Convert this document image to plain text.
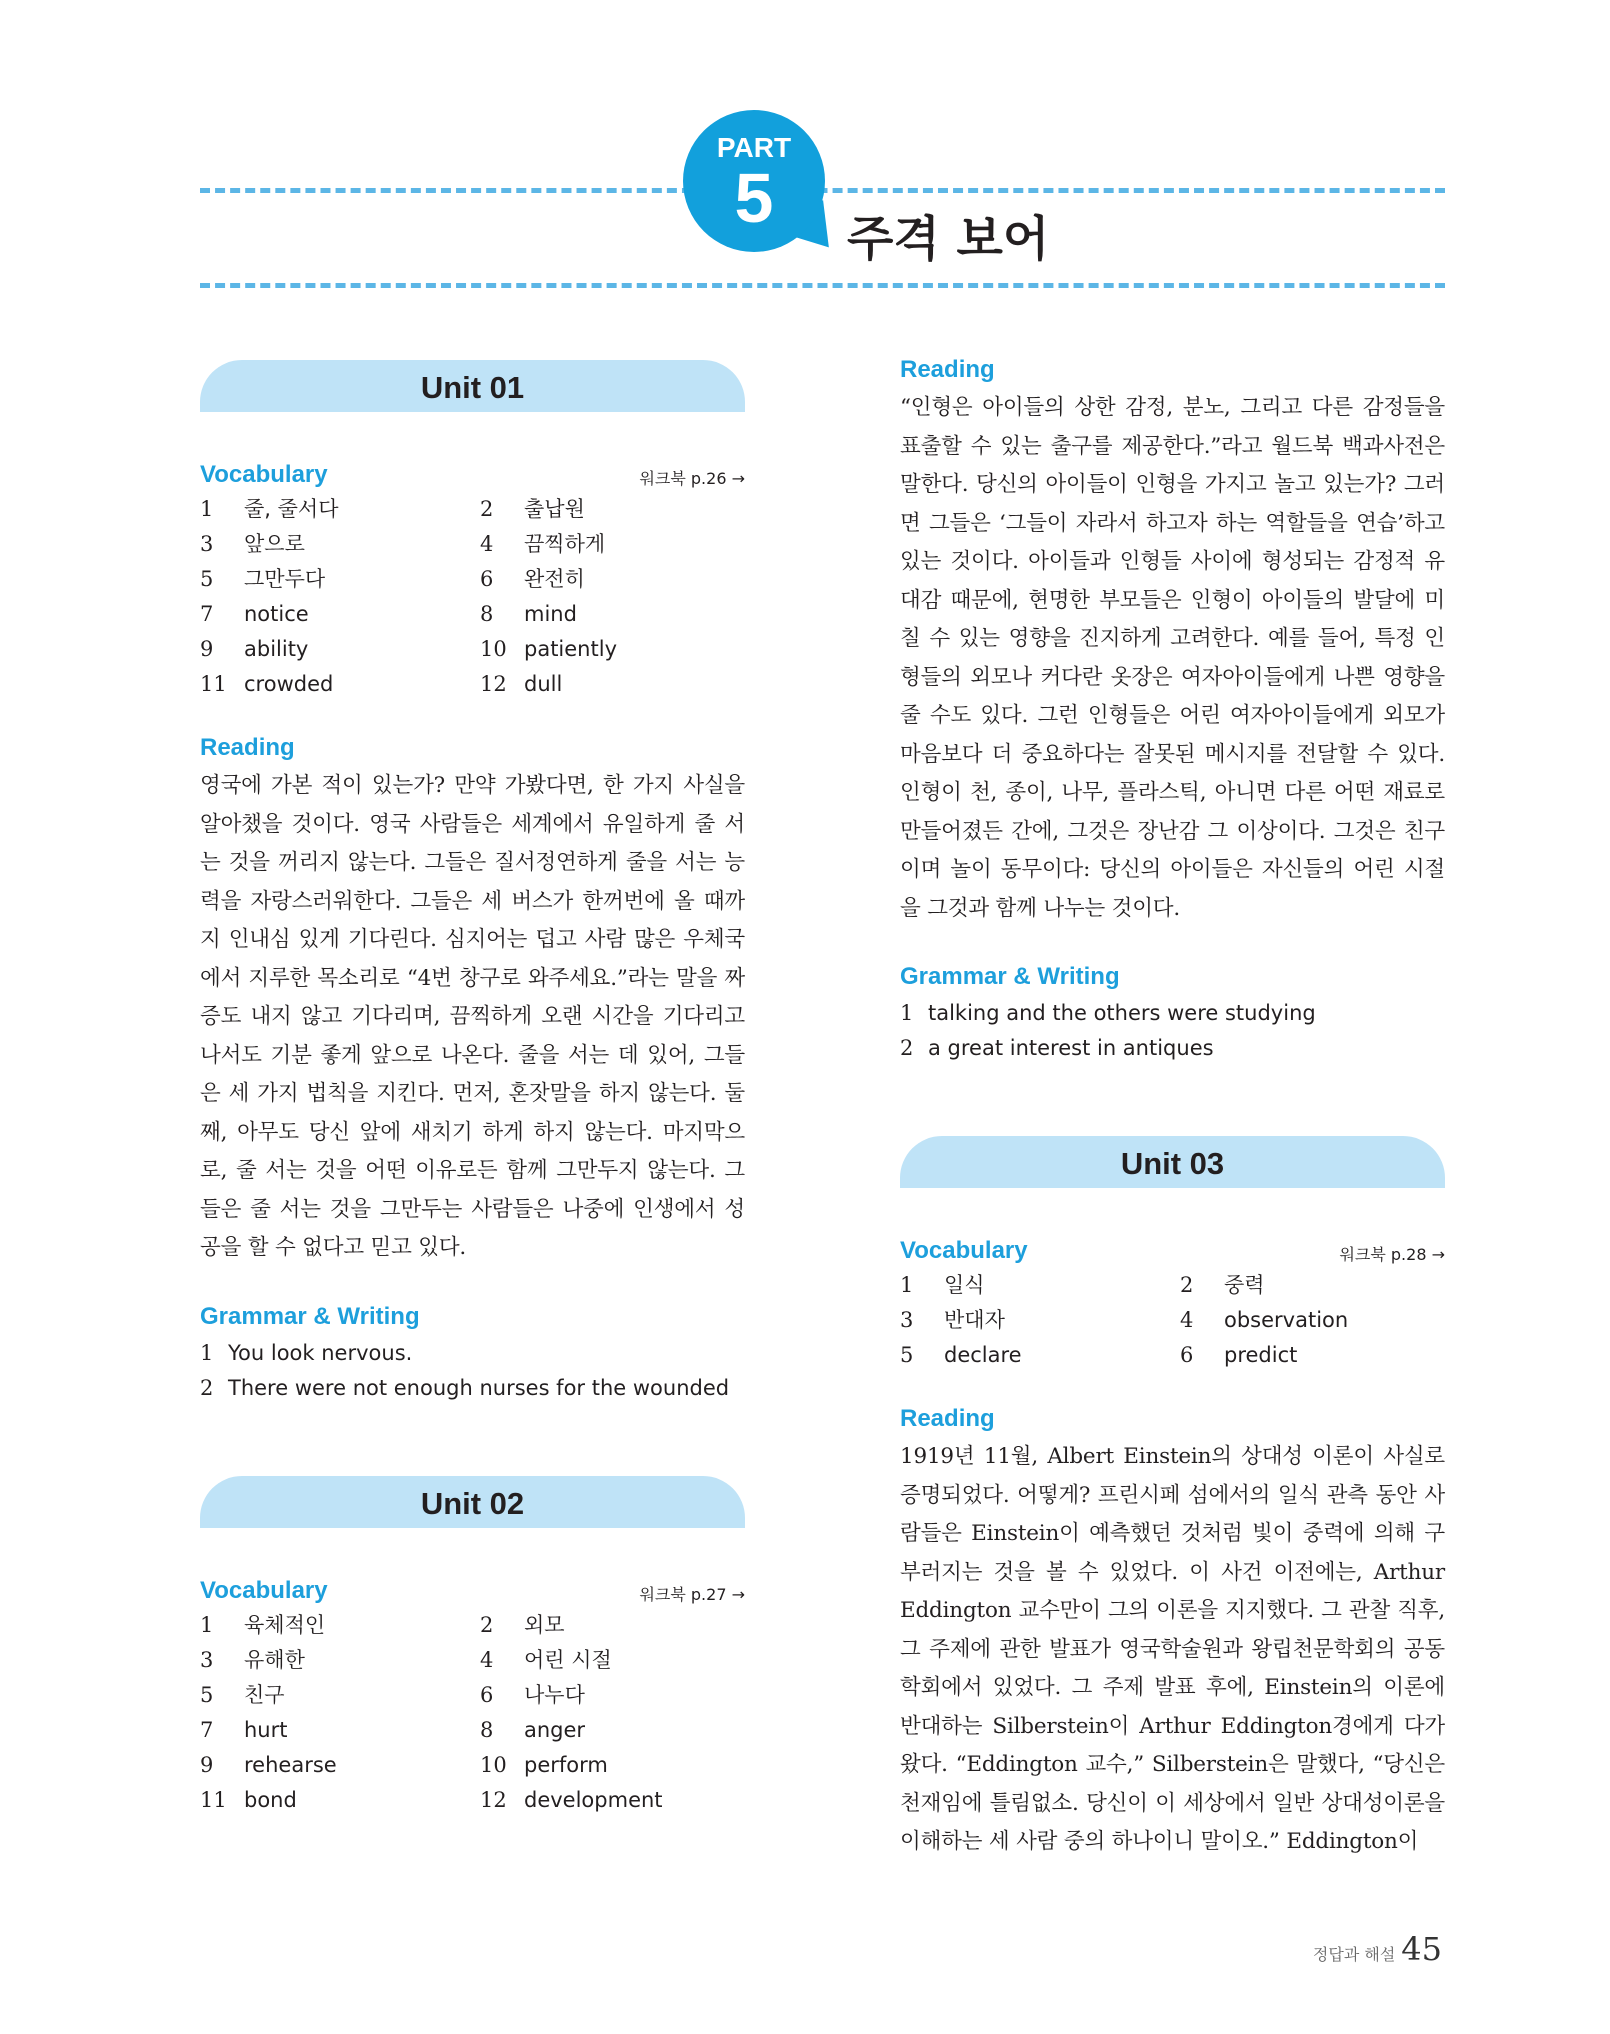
PART
5
주격 보어
Unit 01
Vocabulary	워크북 p.26 →
1 줄, 줄서다	2 출납원
3 앞으로	4 끔찍하게
5 그만두다	6 완전히
7 notice	8 mind
9 ability	10 patiently
11 crowded	12 dull
Reading

영국에 가본 적이 있는가? 만약 가봤다면, 한 가지 사실을 알아챘을 것이다. 영국 사람들은 세계에서 유일하게 줄 서는 것을 꺼리지 않는다. 그들은 질서정연하게 줄을 서는 능력을 자랑스러워한다. 그들은 세 버스가 한꺼번에 올 때까지 인내심 있게 기다린다. 심지어는 덥고 사람 많은 우체국에서 지루한 목소리로 “4번 창구로 와주세요.”라는 말을 짜증도 내지 않고 기다리며, 끔찍하게 오랜 시간을 기다리고 나서도 기분 좋게 앞으로 나온다. 줄을 서는 데 있어, 그들은 세 가지 법칙을 지킨다. 먼저, 혼잣말을 하지 않는다. 둘째, 아무도 당신 앞에 새치기 하게 하지 않는다. 마지막으로, 줄 서는 것을 어떤 이유로든 함께 그만두지 않는다. 그들은 줄 서는 것을 그만두는 사람들은 나중에 인생에서 성공을 할 수 없다고 믿고 있다.

Grammar & Writing
1 You look nervous.
2 There were not enough nurses for the wounded
Unit 02
Vocabulary	워크북 p.27 →
1 육체적인	2 외모
3 유해한	4 어린 시절
5 친구	6 나누다
7 hurt	8 anger
9 rehearse	10 perform
11 bond	12 development
Reading

“인형은 아이들의 상한 감정, 분노, 그리고 다른 감정들을 표출할 수 있는 출구를 제공한다.”라고 월드북 백과사전은 말한다. 당신의 아이들이 인형을 가지고 놀고 있는가? 그러면 그들은 ‘그들이 자라서 하고자 하는 역할들을 연습’하고 있는 것이다. 아이들과 인형들 사이에 형성되는 감정적 유대감 때문에, 현명한 부모들은 인형이 아이들의 발달에 미칠 수 있는 영향을 진지하게 고려한다. 예를 들어, 특정 인형들의 외모나 커다란 옷장은 여자아이들에게 나쁜 영향을 줄 수도 있다. 그런 인형들은 어린 여자아이들에게 외모가 마음보다 더 중요하다는 잘못된 메시지를 전달할 수 있다. 인형이 천, 종이, 나무, 플라스틱, 아니면 다른 어떤 재료로 만들어졌든 간에, 그것은 장난감 그 이상이다. 그것은 친구이며 놀이 동무이다: 당신의 아이들은 자신들의 어린 시절을 그것과 함께 나누는 것이다.

Grammar & Writing
1 talking and the others were studying
2 a great interest in antiques
Unit 03
Vocabulary	워크북 p.28 →
1 일식	2 중력
3 반대자	4 observation
5 declare	6 predict
Reading

1919년 11월, Albert Einstein의 상대성 이론이 사실로 증명되었다. 어떻게? 프린시페 섬에서의 일식 관측 동안 사람들은 Einstein이 예측했던 것처럼 빛이 중력에 의해 구부러지는 것을 볼 수 있었다. 이 사건 이전에는, Arthur Eddington 교수만이 그의 이론을 지지했다. 그 관찰 직후, 그 주제에 관한 발표가 영국학술원과 왕립천문학회의 공동학회에서 있었다. 그 주제 발표 후에, Einstein의 이론에 반대하는 Silberstein이 Arthur Eddington경에게 다가왔다. “Eddington 교수,” Silberstein은 말했다, “당신은 천재임에 틀림없소. 당신이 이 세상에서 일반 상대성이론을 이해하는 세 사람 중의 하나이니 말이오.” Eddington이

정답과 해설 45
